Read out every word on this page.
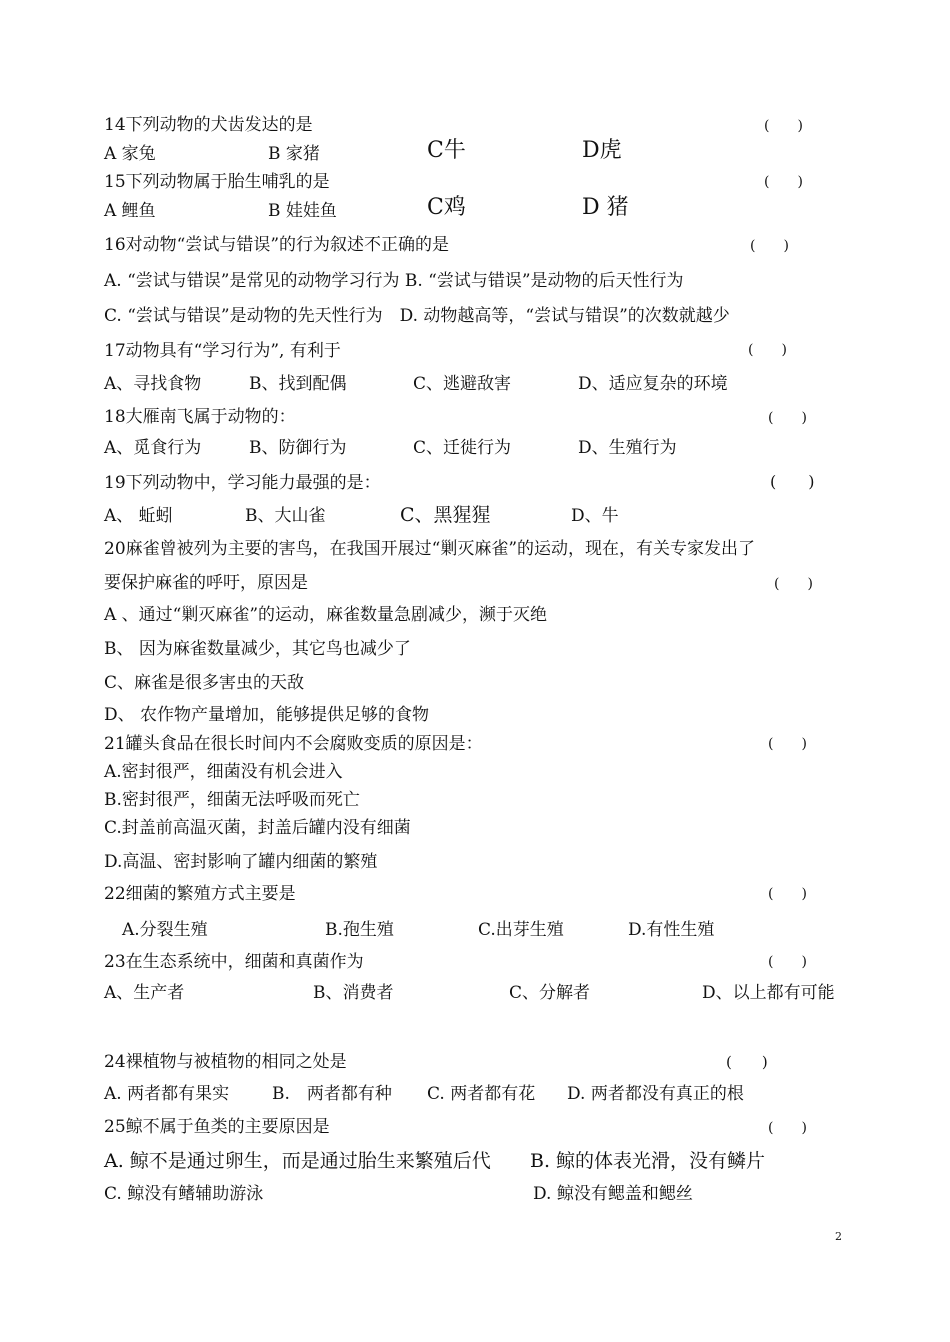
14下列动物的犬齿发达的是	(　　)
A 家兔	B 家猪	C牛	D虎
15下列动物属于胎生哺乳的是	(　　)
A 鲤鱼	B 娃娃鱼	C鸡	D 猪
16对动物“尝试与错误”的行为叙述不正确的是	(　　)
A. “尝试与错误”是常见的动物学习行为 B. “尝试与错误”是动物的后天性行为
C. “尝试与错误”是动物的先天性行为　D. 动物越高等，“尝试与错误”的次数就越少
17动物具有“学习行为”, 有利于	(　　)
A、寻找食物	B、找到配偶	C、逃避敌害	D、适应复杂的环境
18大雁南飞属于动物的：	(　　)
A、觅食行为	B、防御行为	C、迁徙行为	D、生殖行为
19下列动物中，学习能力最强的是：	(　　)
A、 蚯蚓	B、大山雀	C、黑猩猩	D、牛
20麻雀曾被列为主要的害鸟，在我国开展过“剿灭麻雀”的运动，现在，有关专家发出了
要保护麻雀的呼吁，原因是	(　　)
A 、通过“剿灭麻雀”的运动，麻雀数量急剧减少，濒于灭绝
B、 因为麻雀数量减少，其它鸟也减少了
C、麻雀是很多害虫的天敌
D、 农作物产量增加，能够提供足够的食物
21罐头食品在很长时间内不会腐败变质的原因是：	(　　)
A.密封很严，细菌没有机会进入
B.密封很严，细菌无法呼吸而死亡
C.封盖前高温灭菌，封盖后罐内没有细菌
D.高温、密封影响了罐内细菌的繁殖
22细菌的繁殖方式主要是	(　　)
A.分裂生殖	B.孢生殖	C.出芽生殖	D.有性生殖
23在生态系统中，细菌和真菌作为	(　　)
A、生产者	B、消费者	C、分解者	D、以上都有可能
24裸植物与被植物的相同之处是	(　　)
A. 两者都有果实	B.　两者都有种 C. 两者都有花 D. 两者都没有真正的根
25鲸不属于鱼类的主要原因是	(　　)
A. 鲸不是通过卵生，而是通过胎生来繁殖后代 B. 鲸的体表光滑，没有鳞片
C. 鲸没有鳍辅助游泳	D. 鲸没有鳃盖和鳃丝
2
